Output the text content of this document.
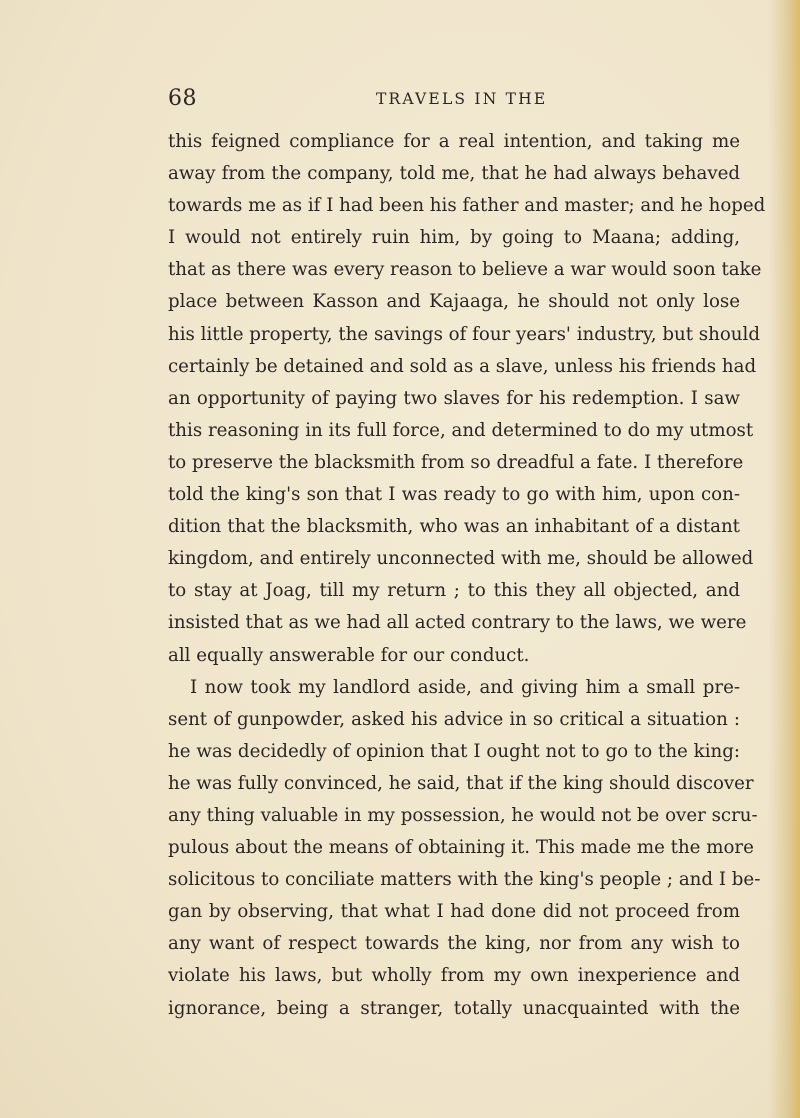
68	TRAVELS IN THE
this feigned compliance for a real intention, and taking me
away from the company, told me, that he had always behaved
towards me as if I had been his father and master; and he hoped
I would not entirely ruin him, by going to Maana; adding,
that as there was every reason to believe a war would soon take
place between Kasson and Kajaaga, he should not only lose
his little property, the savings of four years' industry, but should
certainly be detained and sold as a slave, unless his friends had
an opportunity of paying two slaves for his redemption. I saw
this reasoning in its full force, and determined to do my utmost
to preserve the blacksmith from so dreadful a fate. I therefore
told the king's son that I was ready to go with him, upon con-
dition that the blacksmith, who was an inhabitant of a distant
kingdom, and entirely unconnected with me, should be allowed
to stay at Joag, till my return ; to this they all objected, and
insisted that as we had all acted contrary to the laws, we were
all equally answerable for our conduct.
I now took my landlord aside, and giving him a small pre-
sent of gunpowder, asked his advice in so critical a situation :
he was decidedly of opinion that I ought not to go to the king:
he was fully convinced, he said, that if the king should discover
any thing valuable in my possession, he would not be over scru-
pulous about the means of obtaining it. This made me the more
solicitous to conciliate matters with the king's people ; and I be-
gan by observing, that what I had done did not proceed from
any want of respect towards the king, nor from any wish to
violate his laws, but wholly from my own inexperience and
ignorance, being a stranger, totally unacquainted with the
